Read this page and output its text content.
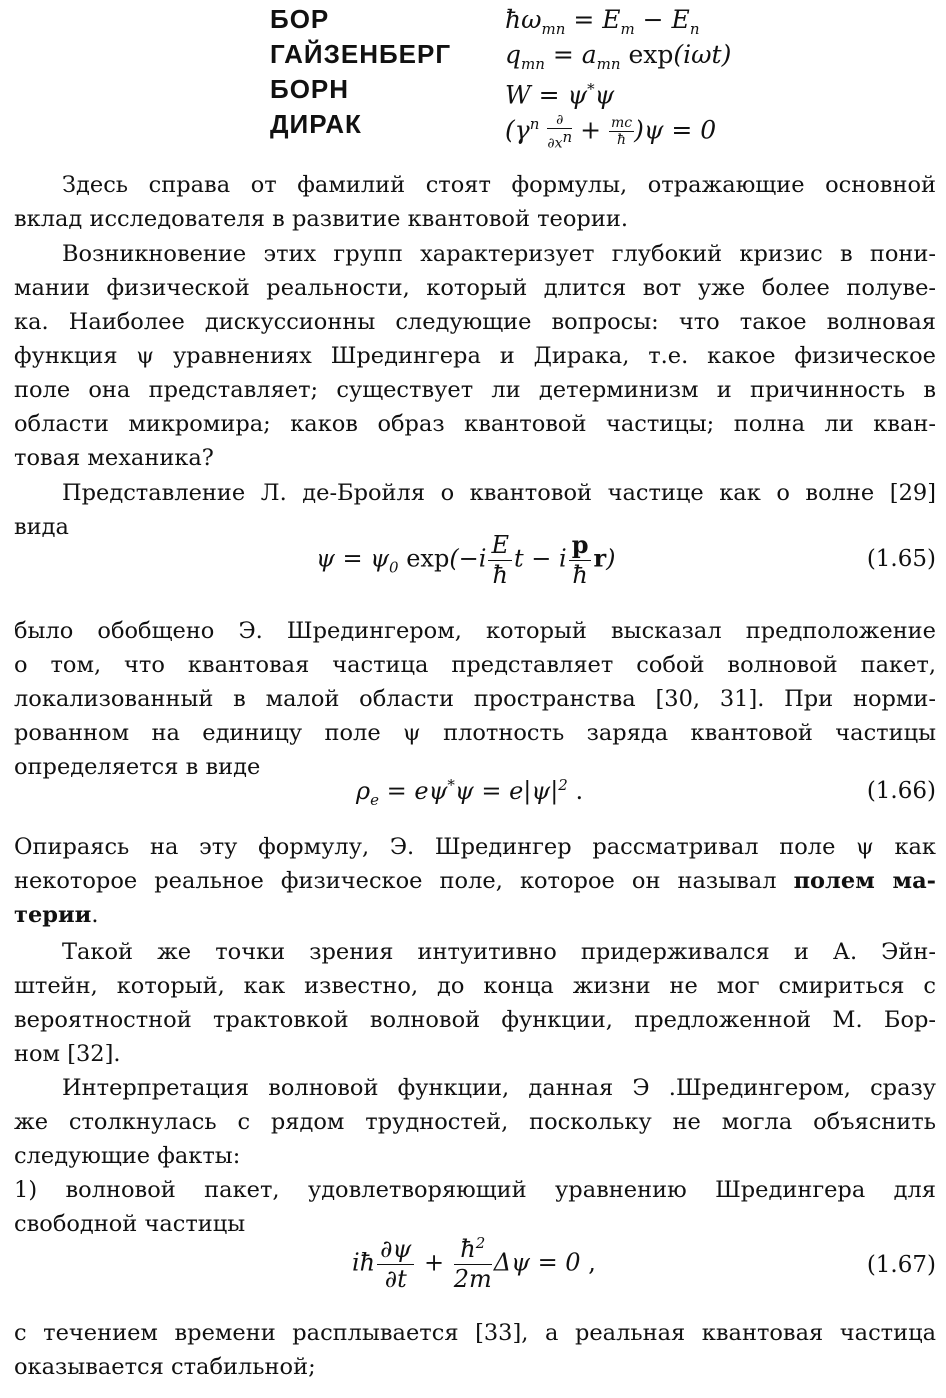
БОР	$ħ\omega_{mn} = E_m - E_n$
ГАЙЗЕНБЕРГ $q_{mn} = a_{mn}$ exp(iωt)
БОРН	W = ψ*ψ
ДИРАК	$(\gamma^n \frac{\partial}{\partial x^n} + \frac{mc}{ħ} )\psi = 0$
Здесь справа от фамилий стоят формулы, отражающие основной
вклад исследователя в развитие квантовой теории.
Возникновение этих групп характеризует глубокий кризис в пони-
мании физической реальности, который длится вот уже более полуве-
ка. Наиболее дискуссионны следующие вопросы: что такое волновая
функция ψ уравнениях Шредингера и Дирака, т.е. какое физическое
поле она представляет; существует ли детерминизм и причинность в
области микромира; каков образ квантовой частицы; полна ли кван-
товая механика?
Представление Л. де-Бройля о квантовой частице как о волне [29]
вида
$\psi = \psi_0$ $\exp(-i \frac{E}{ħ}$ t − i $\frac{p}{ħ} r$)	(1.65)
было обобщено Э. Шредингером, который высказал предположение
о том, что квантовая частица представляет собой волновой пакет,
локализованный в малой области пространства [30, 31]. При норми-
рованном на единицу поле ψ плотность заряда квантовой частицы
определяется в виде
$\rho_e = e\psi^*\psi = e|\psi|^2$ .	(1.66)
Опираясь на эту формулу, Э. Шредингер рассматривал поле ψ как
некоторое реальное физическое поле, которое он называл полем ма-
терии.
Такой же точки зрения интуитивно придерживался и А. Эйн-
штейн, который, как известно, до конца жизни не мог смириться с
вероятностной трактовкой волновой функции, предложенной М. Бор-
ном [32].
Интерпретация волновой функции, данная Э .Шредингером, сразу
же столкнулась с рядом трудностей, поскольку не могла объяснить
следующие факты:
1) волновой пакет, удовлетворяющий уравнению Шредингера для
свободной частицы
iħ $\frac{\partial\psi}{\partial t} + \frac{ħ^2}{2m}$ Δψ = 0 ,	(1.67)
с течением времени расплывается [33], а реальная квантовая частица
оказывается стабильной;
